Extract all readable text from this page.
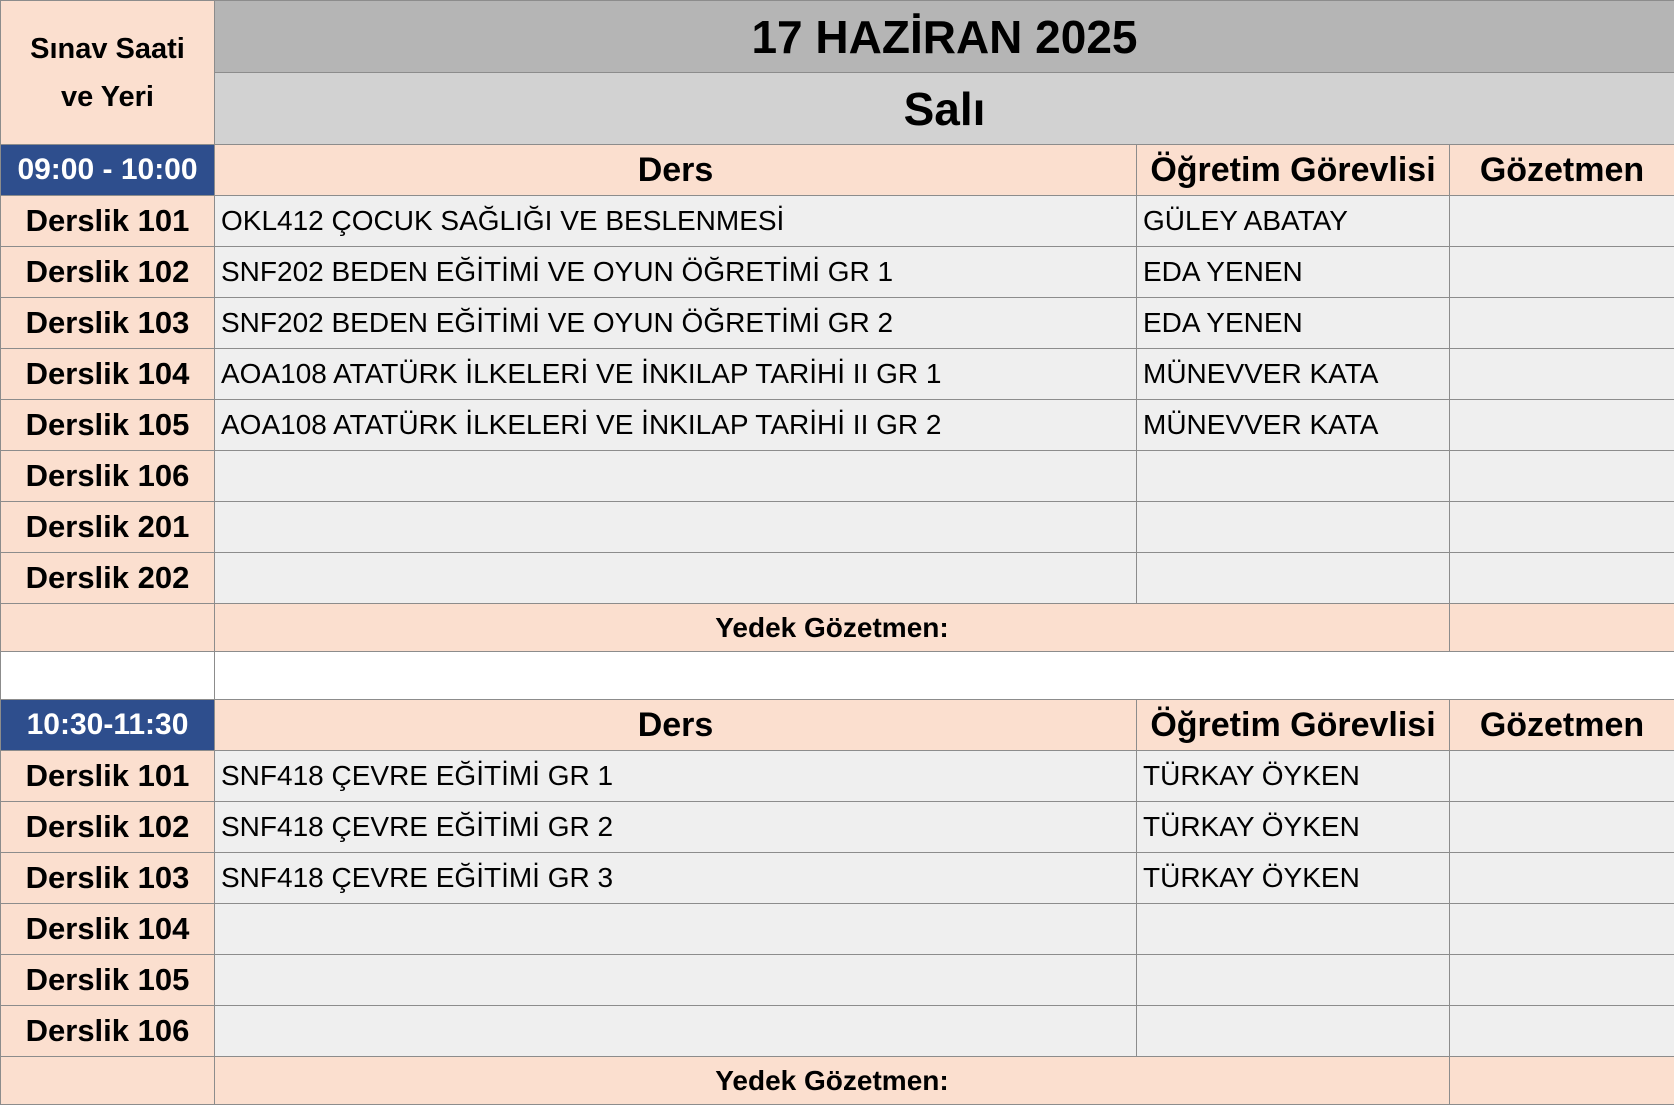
Sınav Saati
ve Yeri	17 HAZİRAN 2025		
	Salı		
09:00 - 10:00	Ders	Öğretim Görevlisi	Gözetmen
Derslik 101	OKL412 ÇOCUK SAĞLIĞI VE BESLENMESİ	GÜLEY ABATAY	
Derslik 102	SNF202 BEDEN EĞİTİMİ VE OYUN ÖĞRETİMİ GR 1	EDA YENEN	
Derslik 103	SNF202 BEDEN EĞİTİMİ VE OYUN ÖĞRETİMİ GR 2	EDA YENEN	
Derslik 104	AOA108 ATATÜRK İLKELERİ VE İNKILAP TARİHİ II GR 1	MÜNEVVER KATA	
Derslik 105	AOA108 ATATÜRK İLKELERİ VE İNKILAP TARİHİ II GR 2	MÜNEVVER KATA	
Derslik 106			
Derslik 201			
Derslik 202			
	Yedek Gözetmen:		

10:30-11:30	Ders	Öğretim Görevlisi	Gözetmen
Derslik 101	SNF418 ÇEVRE EĞİTİMİ GR 1	TÜRKAY ÖYKEN	
Derslik 102	SNF418 ÇEVRE EĞİTİMİ GR 2	TÜRKAY ÖYKEN	
Derslik 103	SNF418 ÇEVRE EĞİTİMİ GR 3	TÜRKAY ÖYKEN	
Derslik 104			
Derslik 105			
Derslik 106			
	Yedek Gözetmen:		
